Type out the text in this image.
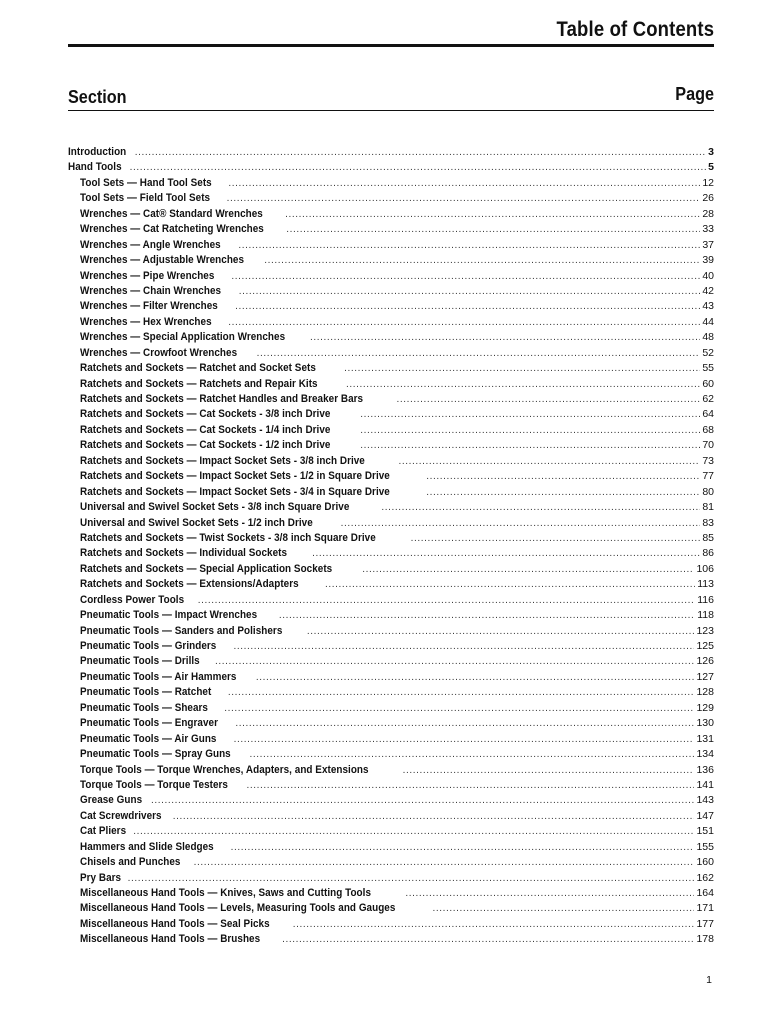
Table of Contents
Section	Page
Introduction .....	3
Hand Tools .....	5
Tool Sets — Hand Tool Sets .....	12
Tool Sets — Field Tool Sets .....	26
Wrenches — Cat® Standard Wrenches .....	28
Wrenches — Cat Ratcheting Wrenches .....	33
Wrenches — Angle Wrenches .....	37
Wrenches — Adjustable Wrenches .....	39
Wrenches — Pipe Wrenches .....	40
Wrenches — Chain Wrenches .....	42
Wrenches — Filter Wrenches .....	43
Wrenches — Hex Wrenches .....	44
Wrenches — Special Application Wrenches .....	48
Wrenches — Crowfoot Wrenches .....	52
Ratchets and Sockets — Ratchet and Socket Sets .....	55
Ratchets and Sockets — Ratchets and Repair Kits .....	60
Ratchets and Sockets — Ratchet Handles and Breaker Bars .....	62
Ratchets and Sockets — Cat Sockets - 3/8 inch Drive .....	64
Ratchets and Sockets — Cat Sockets - 1/4 inch Drive .....	68
Ratchets and Sockets — Cat Sockets - 1/2 inch Drive .....	70
Ratchets and Sockets — Impact Socket Sets - 3/8 inch Drive .....	73
Ratchets and Sockets — Impact Socket Sets - 1/2 in Square Drive .....	77
Ratchets and Sockets — Impact Socket Sets - 3/4 in Square Drive .....	80
Universal and Swivel Socket Sets - 3/8 inch Square Drive .....	81
Universal and Swivel Socket Sets - 1/2 inch Drive .....	83
Ratchets and Sockets — Twist Sockets - 3/8 inch Square Drive .....	85
Ratchets and Sockets — Individual Sockets .....	86
Ratchets and Sockets — Special Application Sockets .....	106
Ratchets and Sockets — Extensions/Adapters .....	113
Cordless Power Tools .....	116
Pneumatic Tools — Impact Wrenches .....	118
Pneumatic Tools — Sanders and Polishers .....	123
Pneumatic Tools — Grinders .....	125
Pneumatic Tools — Drills .....	126
Pneumatic Tools — Air Hammers .....	127
Pneumatic Tools — Ratchet .....	128
Pneumatic Tools — Shears .....	129
Pneumatic Tools — Engraver .....	130
Pneumatic Tools — Air Guns .....	131
Pneumatic Tools — Spray Guns .....	134
Torque Tools — Torque Wrenches, Adapters, and Extensions .....	136
Torque Tools — Torque Testers .....	141
Grease Guns .....	143
Cat Screwdrivers .....	147
Cat Pliers .....	151
Hammers and Slide Sledges .....	155
Chisels and Punches .....	160
Pry Bars .....	162
Miscellaneous Hand Tools — Knives, Saws and Cutting Tools .....	164
Miscellaneous Hand Tools — Levels, Measuring Tools and Gauges .....	171
Miscellaneous Hand Tools — Seal Picks .....	177
Miscellaneous Hand Tools — Brushes .....	178
1
